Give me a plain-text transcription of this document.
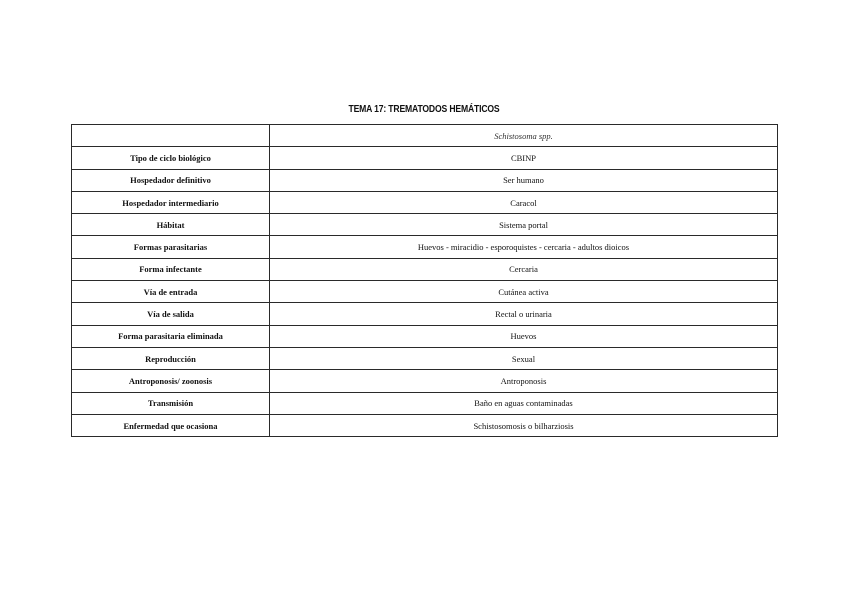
TEMA 17: TREMATODOS HEMÁTICOS
	Schistosoma spp.
Tipo de ciclo biológico	CBINP
Hospedador definitivo	Ser humano
Hospedador intermediario	Caracol
Hábitat	Sistema portal
Formas parasitarias	Huevos - miracidio - esporoquistes - cercaria - adultos dioicos
Forma infectante	Cercaria
Vía de entrada	Cutánea activa
Vía de salida	Rectal o urinaria
Forma parasitaria eliminada	Huevos
Reproducción	Sexual
Antroponosis/ zoonosis	Antroponosis
Transmisión	Baño en aguas contaminadas
Enfermedad que ocasiona	Schistosomosis o bilharziosis
